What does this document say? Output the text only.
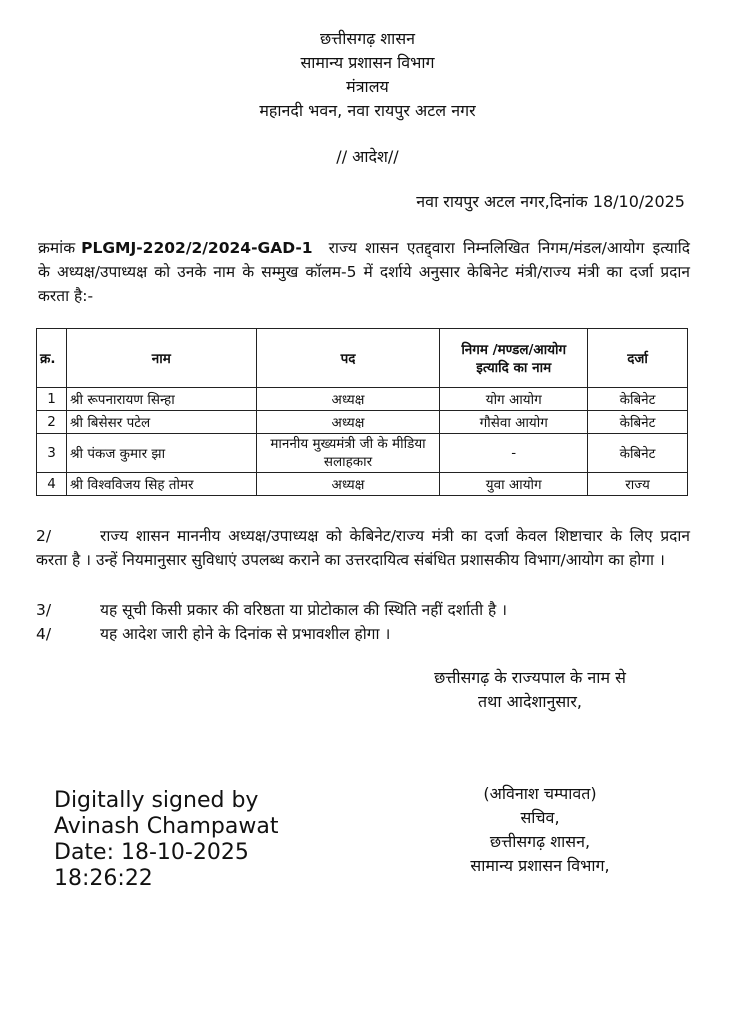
छत्तीसगढ़ शासन
सामान्य प्रशासन विभाग
मंत्रालय
महानदी भवन, नवा रायपुर अटल नगर
// आदेश//
नवा रायपुर अटल नगर,दिनांक 18/10/2025
क्रमांक PLGMJ-2202/2/2024-GAD-1 राज्य शासन एतद्द्वारा निम्नलिखित निगम/मंडल/आयोग इत्यादि के अध्यक्ष/उपाध्यक्ष को उनके नाम के सम्मुख कॉलम-5 में दर्शाये अनुसार केबिनेट मंत्री/राज्य मंत्री का दर्जा प्रदान करता है:-
क्र.	नाम	पद	निगम /मण्डल/आयोग इत्यादि का नाम	दर्जा
1	श्री रूपनारायण सिन्हा	अध्यक्ष	योग आयोग	केबिनेट
2	श्री बिसेसर पटेल	अध्यक्ष	गौसेवा आयोग	केबिनेट
3	श्री पंकज कुमार झा	माननीय मुख्यमंत्री जी के मीडिया सलाहकार	-	केबिनेट
4	श्री विश्वविजय सिह तोमर	अध्यक्ष	युवा आयोग	राज्य
2/	राज्य शासन माननीय अध्यक्ष/उपाध्यक्ष को केबिनेट/राज्य मंत्री का दर्जा केवल शिष्टाचार के लिए प्रदान करता है । उन्हें नियमानुसार सुविधाएं उपलब्ध कराने का उत्तरदायित्व संबंधित प्रशासकीय विभाग/आयोग का होगा ।
3/	यह सूची किसी प्रकार की वरिष्ठता या प्रोटोकाल की स्थिति नहीं दर्शाती है ।
4/	यह आदेश जारी होने के दिनांक से प्रभावशील होगा ।
छत्तीसगढ़ के राज्यपाल के नाम से
तथा आदेशानुसार,
(अविनाश चम्पावत)
सचिव,
छत्तीसगढ़ शासन,
सामान्य प्रशासन विभाग,
Digitally signed by
Avinash Champawat
Date: 18-10-2025
18:26:22
